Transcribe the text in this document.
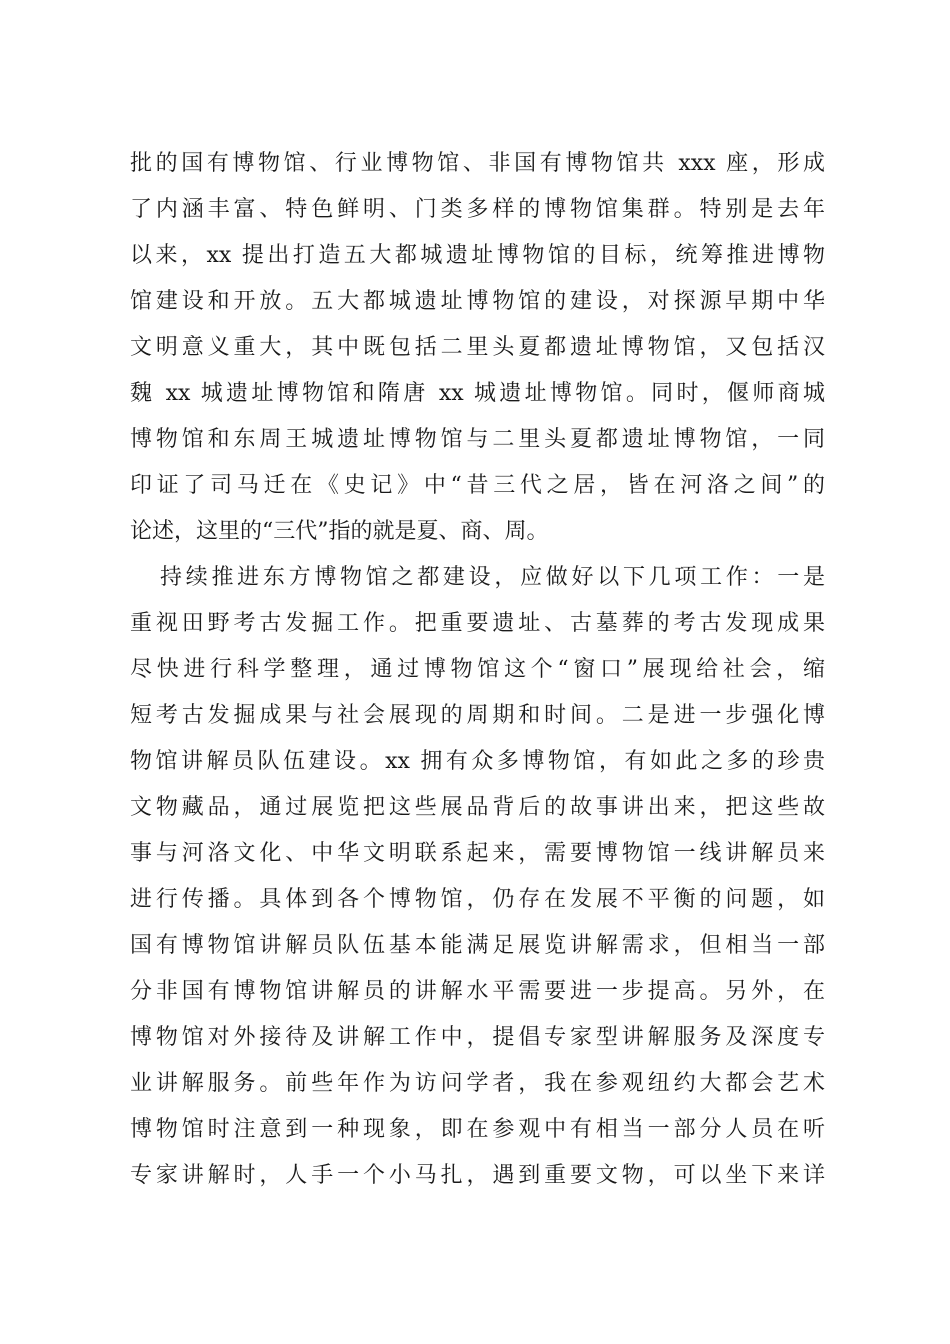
批的国有博物馆、行业博物馆、非国有博物馆共 xxx 座，形成
了内涵丰富、特色鲜明、门类多样的博物馆集群。特别是去年
以来，xx 提出打造五大都城遗址博物馆的目标，统筹推进博物
馆建设和开放。五大都城遗址博物馆的建设，对探源早期中华
文明意义重大，其中既包括二里头夏都遗址博物馆，又包括汉
魏 xx 城遗址博物馆和隋唐 xx 城遗址博物馆。同时，偃师商城
博物馆和东周王城遗址博物馆与二里头夏都遗址博物馆，一同
印证了司马迁在《史记》中“昔三代之居，皆在河洛之间”的
论述，这里的“三代”指的就是夏、商、周。
持续推进东方博物馆之都建设，应做好以下几项工作：一是
重视田野考古发掘工作。把重要遗址、古墓葬的考古发现成果
尽快进行科学整理，通过博物馆这个“窗口”展现给社会，缩
短考古发掘成果与社会展现的周期和时间。二是进一步强化博
物馆讲解员队伍建设。xx 拥有众多博物馆，有如此之多的珍贵
文物藏品，通过展览把这些展品背后的故事讲出来，把这些故
事与河洛文化、中华文明联系起来，需要博物馆一线讲解员来
进行传播。具体到各个博物馆，仍存在发展不平衡的问题，如
国有博物馆讲解员队伍基本能满足展览讲解需求，但相当一部
分非国有博物馆讲解员的讲解水平需要进一步提高。另外，在
博物馆对外接待及讲解工作中，提倡专家型讲解服务及深度专
业讲解服务。前些年作为访问学者，我在参观纽约大都会艺术
博物馆时注意到一种现象，即在参观中有相当一部分人员在听
专家讲解时，人手一个小马扎，遇到重要文物，可以坐下来详
